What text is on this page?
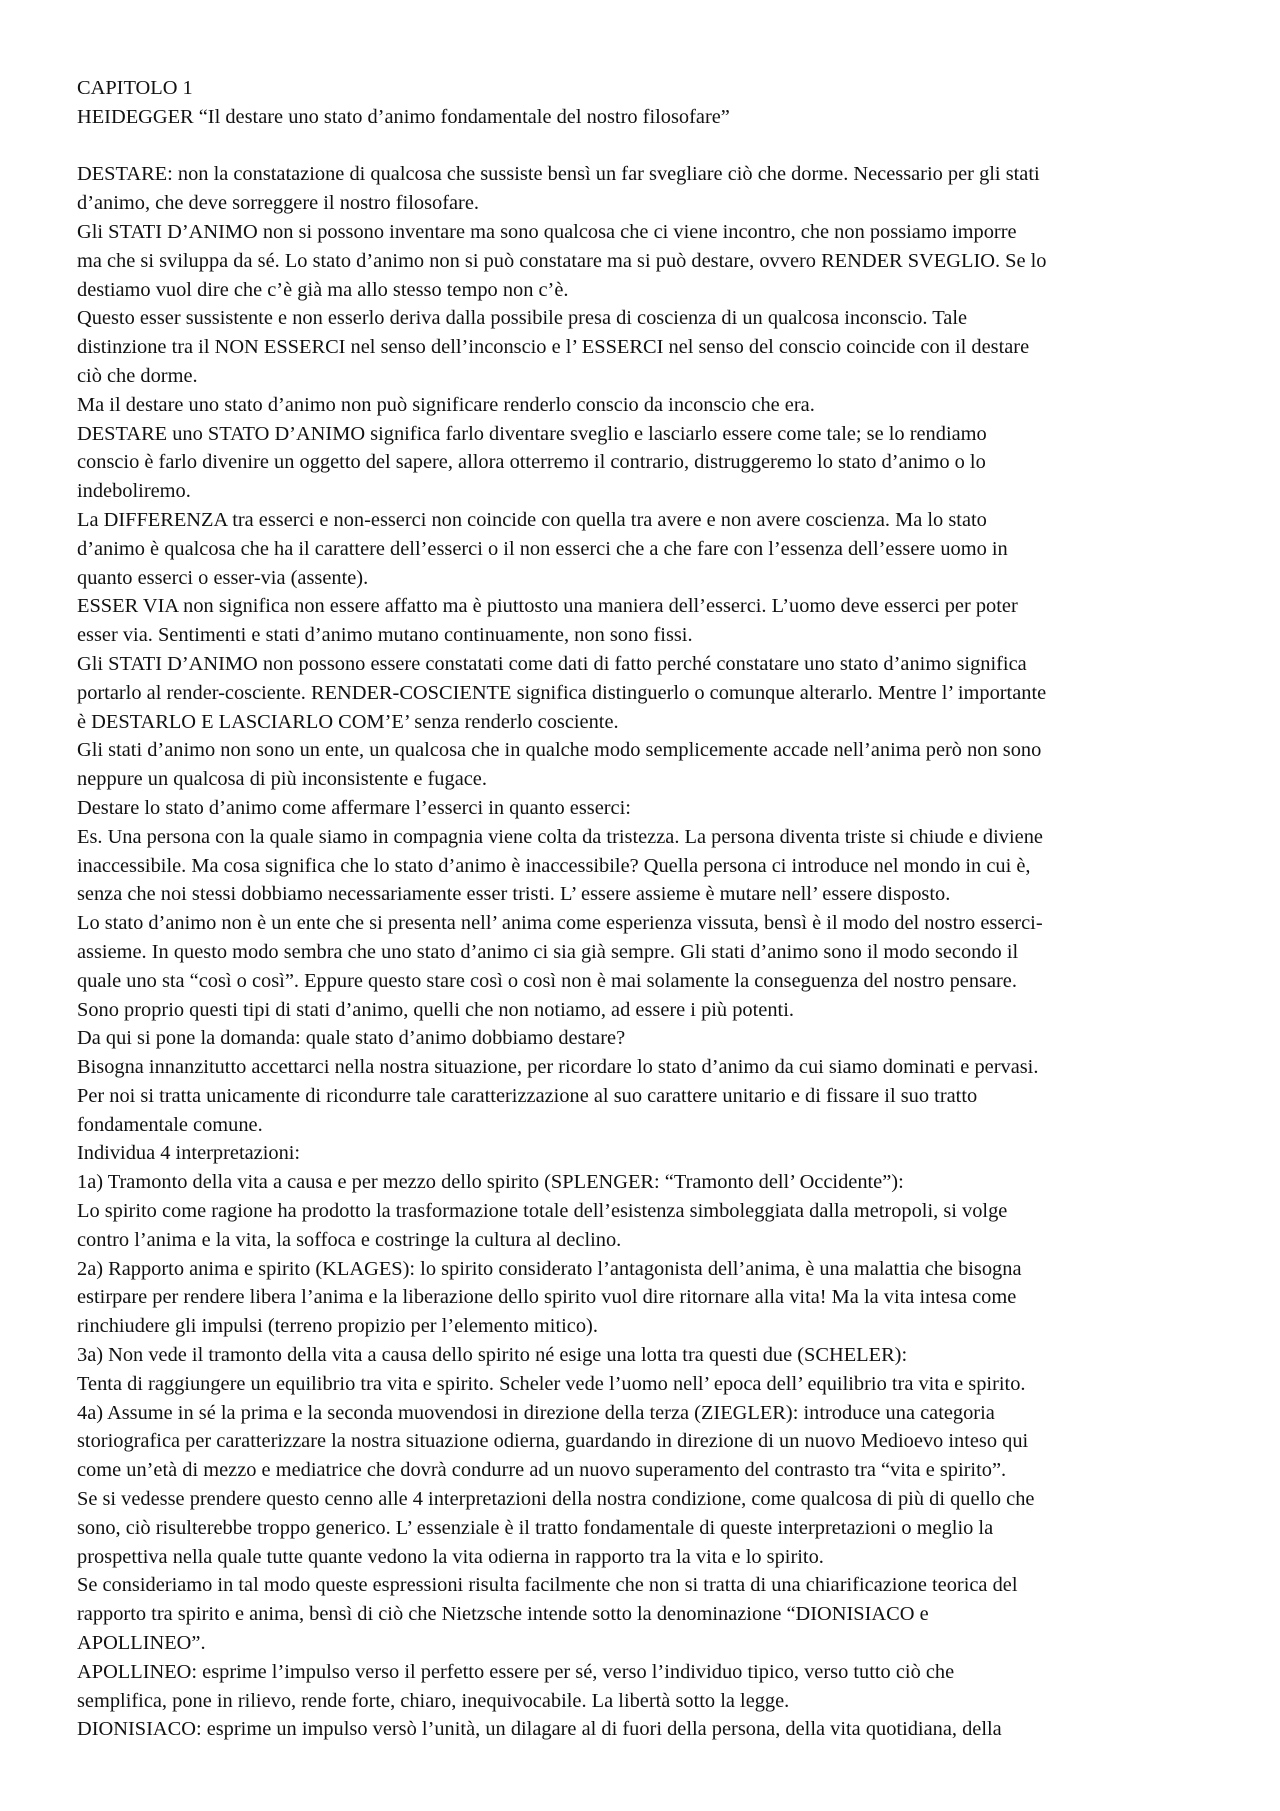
CAPITOLO 1
HEIDEGGER “Il destare uno stato d’animo fondamentale del nostro filosofare”
DESTARE: non la constatazione di qualcosa che sussiste bensì un far svegliare ciò che dorme. Necessario per gli stati
d’animo, che deve sorreggere il nostro filosofare.
Gli STATI D’ANIMO non si possono inventare ma sono qualcosa che ci viene incontro, che non possiamo imporre
ma che si sviluppa da sé. Lo stato d’animo non si può constatare ma si può destare, ovvero RENDER SVEGLIO. Se lo
destiamo vuol dire che c’è già ma allo stesso tempo non c’è.
Questo esser sussistente e non esserlo deriva dalla possibile presa di coscienza di un qualcosa inconscio. Tale
distinzione tra il NON ESSERCI nel senso dell’inconscio e l’ ESSERCI nel senso del conscio coincide con il destare
ciò che dorme.
Ma il destare uno stato d’animo non può significare renderlo conscio da inconscio che era.
DESTARE uno STATO D’ANIMO significa farlo diventare sveglio e lasciarlo essere come tale; se lo rendiamo
conscio è farlo divenire un oggetto del sapere, allora otterremo il contrario, distruggeremo lo stato d’animo o lo
indeboliremo.
La DIFFERENZA tra esserci e non-esserci non coincide con quella tra avere e non avere coscienza. Ma lo stato
d’animo è qualcosa che ha il carattere dell’esserci o il non esserci che a che fare con l’essenza dell’essere uomo in
quanto esserci o esser-via (assente).
ESSER VIA non significa non essere affatto ma è piuttosto una maniera dell’esserci. L’uomo deve esserci per poter
esser via. Sentimenti e stati d’animo mutano continuamente, non sono fissi.
Gli STATI D’ANIMO non possono essere constatati come dati di fatto perché constatare uno stato d’animo significa
portarlo al render-cosciente. RENDER-COSCIENTE significa distinguerlo o comunque alterarlo. Mentre l’ importante
è DESTARLO E LASCIARLO COM’E’ senza renderlo cosciente.
Gli stati d’animo non sono un ente, un qualcosa che in qualche modo semplicemente accade nell’anima però non sono
neppure un qualcosa di più inconsistente e fugace.
Destare lo stato d’animo come affermare l’esserci in quanto esserci:
Es. Una persona con la quale siamo in compagnia viene colta da tristezza. La persona diventa triste si chiude e diviene
inaccessibile. Ma cosa significa che lo stato d’animo è inaccessibile? Quella persona ci introduce nel mondo in cui è,
senza che noi stessi dobbiamo necessariamente esser tristi. L’ essere assieme è mutare nell’ essere disposto.
Lo stato d’animo non è un ente che si presenta nell’ anima come esperienza vissuta, bensì è il modo del nostro esserci-
assieme. In questo modo sembra che uno stato d’animo ci sia già sempre. Gli stati d’animo sono il modo secondo il
quale uno sta “così o così”. Eppure questo stare così o così non è mai solamente la conseguenza del nostro pensare.
Sono proprio questi tipi di stati d’animo, quelli che non notiamo, ad essere i più potenti.
Da qui si pone la domanda: quale stato d’animo dobbiamo destare?
Bisogna innanzitutto accettarci nella nostra situazione, per ricordare lo stato d’animo da cui siamo dominati e pervasi.
Per noi si tratta unicamente di ricondurre tale caratterizzazione al suo carattere unitario e di fissare il suo tratto
fondamentale comune.
Individua 4 interpretazioni:
1a) Tramonto della vita a causa e per mezzo dello spirito (SPLENGER: “Tramonto dell’ Occidente”):
Lo spirito come ragione ha prodotto la trasformazione totale dell’esistenza simboleggiata dalla metropoli, si volge
contro l’anima e la vita, la soffoca e costringe la cultura al declino.
2a) Rapporto anima e spirito (KLAGES): lo spirito considerato l’antagonista dell’anima, è una malattia che bisogna
estirpare per rendere libera l’anima e la liberazione dello spirito vuol dire ritornare alla vita! Ma la vita intesa come
rinchiudere gli impulsi (terreno propizio per l’elemento mitico).
3a) Non vede il tramonto della vita a causa dello spirito né esige una lotta tra questi due (SCHELER):
Tenta di raggiungere un equilibrio tra vita e spirito. Scheler vede l’uomo nell’ epoca dell’ equilibrio tra vita e spirito.
4a) Assume in sé la prima e la seconda muovendosi in direzione della terza (ZIEGLER): introduce una categoria
storiografica per caratterizzare la nostra situazione odierna, guardando in direzione di un nuovo Medioevo inteso qui
come un’età di mezzo e mediatrice che dovrà condurre ad un nuovo superamento del contrasto tra “vita e spirito”.
Se si vedesse prendere questo cenno alle 4 interpretazioni della nostra condizione, come qualcosa di più di quello che
sono, ciò risulterebbe troppo generico. L’ essenziale è il tratto fondamentale di queste interpretazioni o meglio la
prospettiva nella quale tutte quante vedono la vita odierna in rapporto tra la vita e lo spirito.
Se consideriamo in tal modo queste espressioni risulta facilmente che non si tratta di una chiarificazione teorica del
rapporto tra spirito e anima, bensì di ciò che Nietzsche intende sotto la denominazione “DIONISIACO e
APOLLINEO”.
APOLLINEO: esprime l’impulso verso il perfetto essere per sé, verso l’individuo tipico, verso tutto ciò che
semplifica, pone in rilievo, rende forte, chiaro, inequivocabile. La libertà sotto la legge.
DIONISIACO: esprime un impulso versò l’unità, un dilagare al di fuori della persona, della vita quotidiana, della
